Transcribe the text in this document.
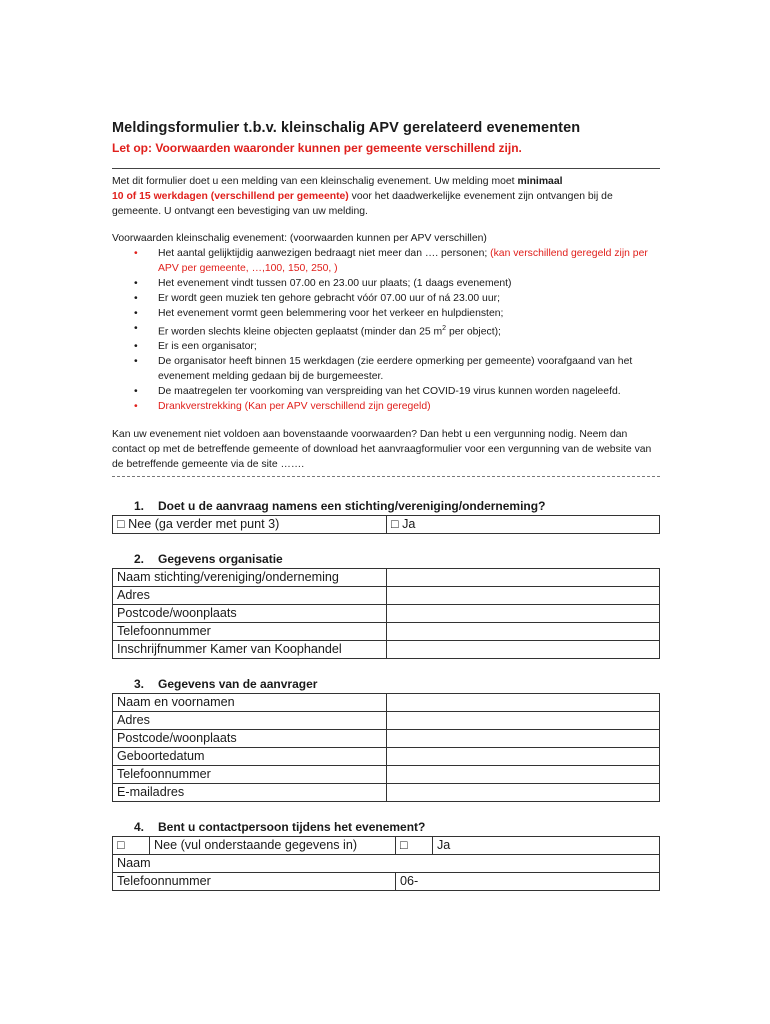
Meldingsformulier t.b.v. kleinschalig APV gerelateerd evenementen

Let op: Voorwaarden waaronder kunnen per gemeente verschillend zijn.

Met dit formulier doet u een melding van een kleinschalig evenement. Uw melding moet minimaal
10 of 15 werkdagen (verschillend per gemeente) voor het daadwerkelijke evenement zijn ontvangen bij de gemeente. U ontvangt een bevestiging van uw melding.

Voorwaarden kleinschalig evenement: (voorwaarden kunnen per APV verschillen)

•	Het aantal gelijktijdig aanwezigen bedraagt niet meer dan …. personen; (kan verschillend geregeld zijn per APV per gemeente, …,100, 150, 250, )
•	Het evenement vindt tussen 07.00 en 23.00 uur plaats; (1 daags evenement)
•	Er wordt geen muziek ten gehore gebracht vóór 07.00 uur of ná 23.00 uur;
•	Het evenement vormt geen belemmering voor het verkeer en hulpdiensten;
•	Er worden slechts kleine objecten geplaatst (minder dan 25 $m^2$ per object);
•	Er is een organisator;
•	De organisator heeft binnen 15 werkdagen (zie eerdere opmerking per gemeente) voorafgaand van het evenement melding gedaan bij de burgemeester.
•	De maatregelen ter voorkoming van verspreiding van het COVID-19 virus kunnen worden nageleefd.
•	Drankverstrekking (Kan per APV verschillend zijn geregeld)

Kan uw evenement niet voldoen aan bovenstaande voorwaarden? Dan hebt u een vergunning nodig. Neem dan contact op met de betreffende gemeente of download het aanvraagformulier voor een vergunning van de website van de betreffende gemeente via de site …….

1. Doet u de aanvraag namens een stichting/vereniging/onderneming?
□ Nee (ga verder met punt 3)	□ Ja
2. Gegevens organisatie
Naam stichting/vereniging/onderneming	
Adres	
Postcode/woonplaats	
Telefoonnummer	
Inschrijfnummer Kamer van Koophandel	
3. Gegevens van de aanvrager
Naam en voornamen	
Adres	
Postcode/woonplaats	
Geboortedatum	
Telefoonnummer	
E-mailadres	
4. Bent u contactpersoon tijdens het evenement?
□	Nee (vul onderstaande gegevens in)	□	Ja
Naam			
Telefoonnummer		06-	
